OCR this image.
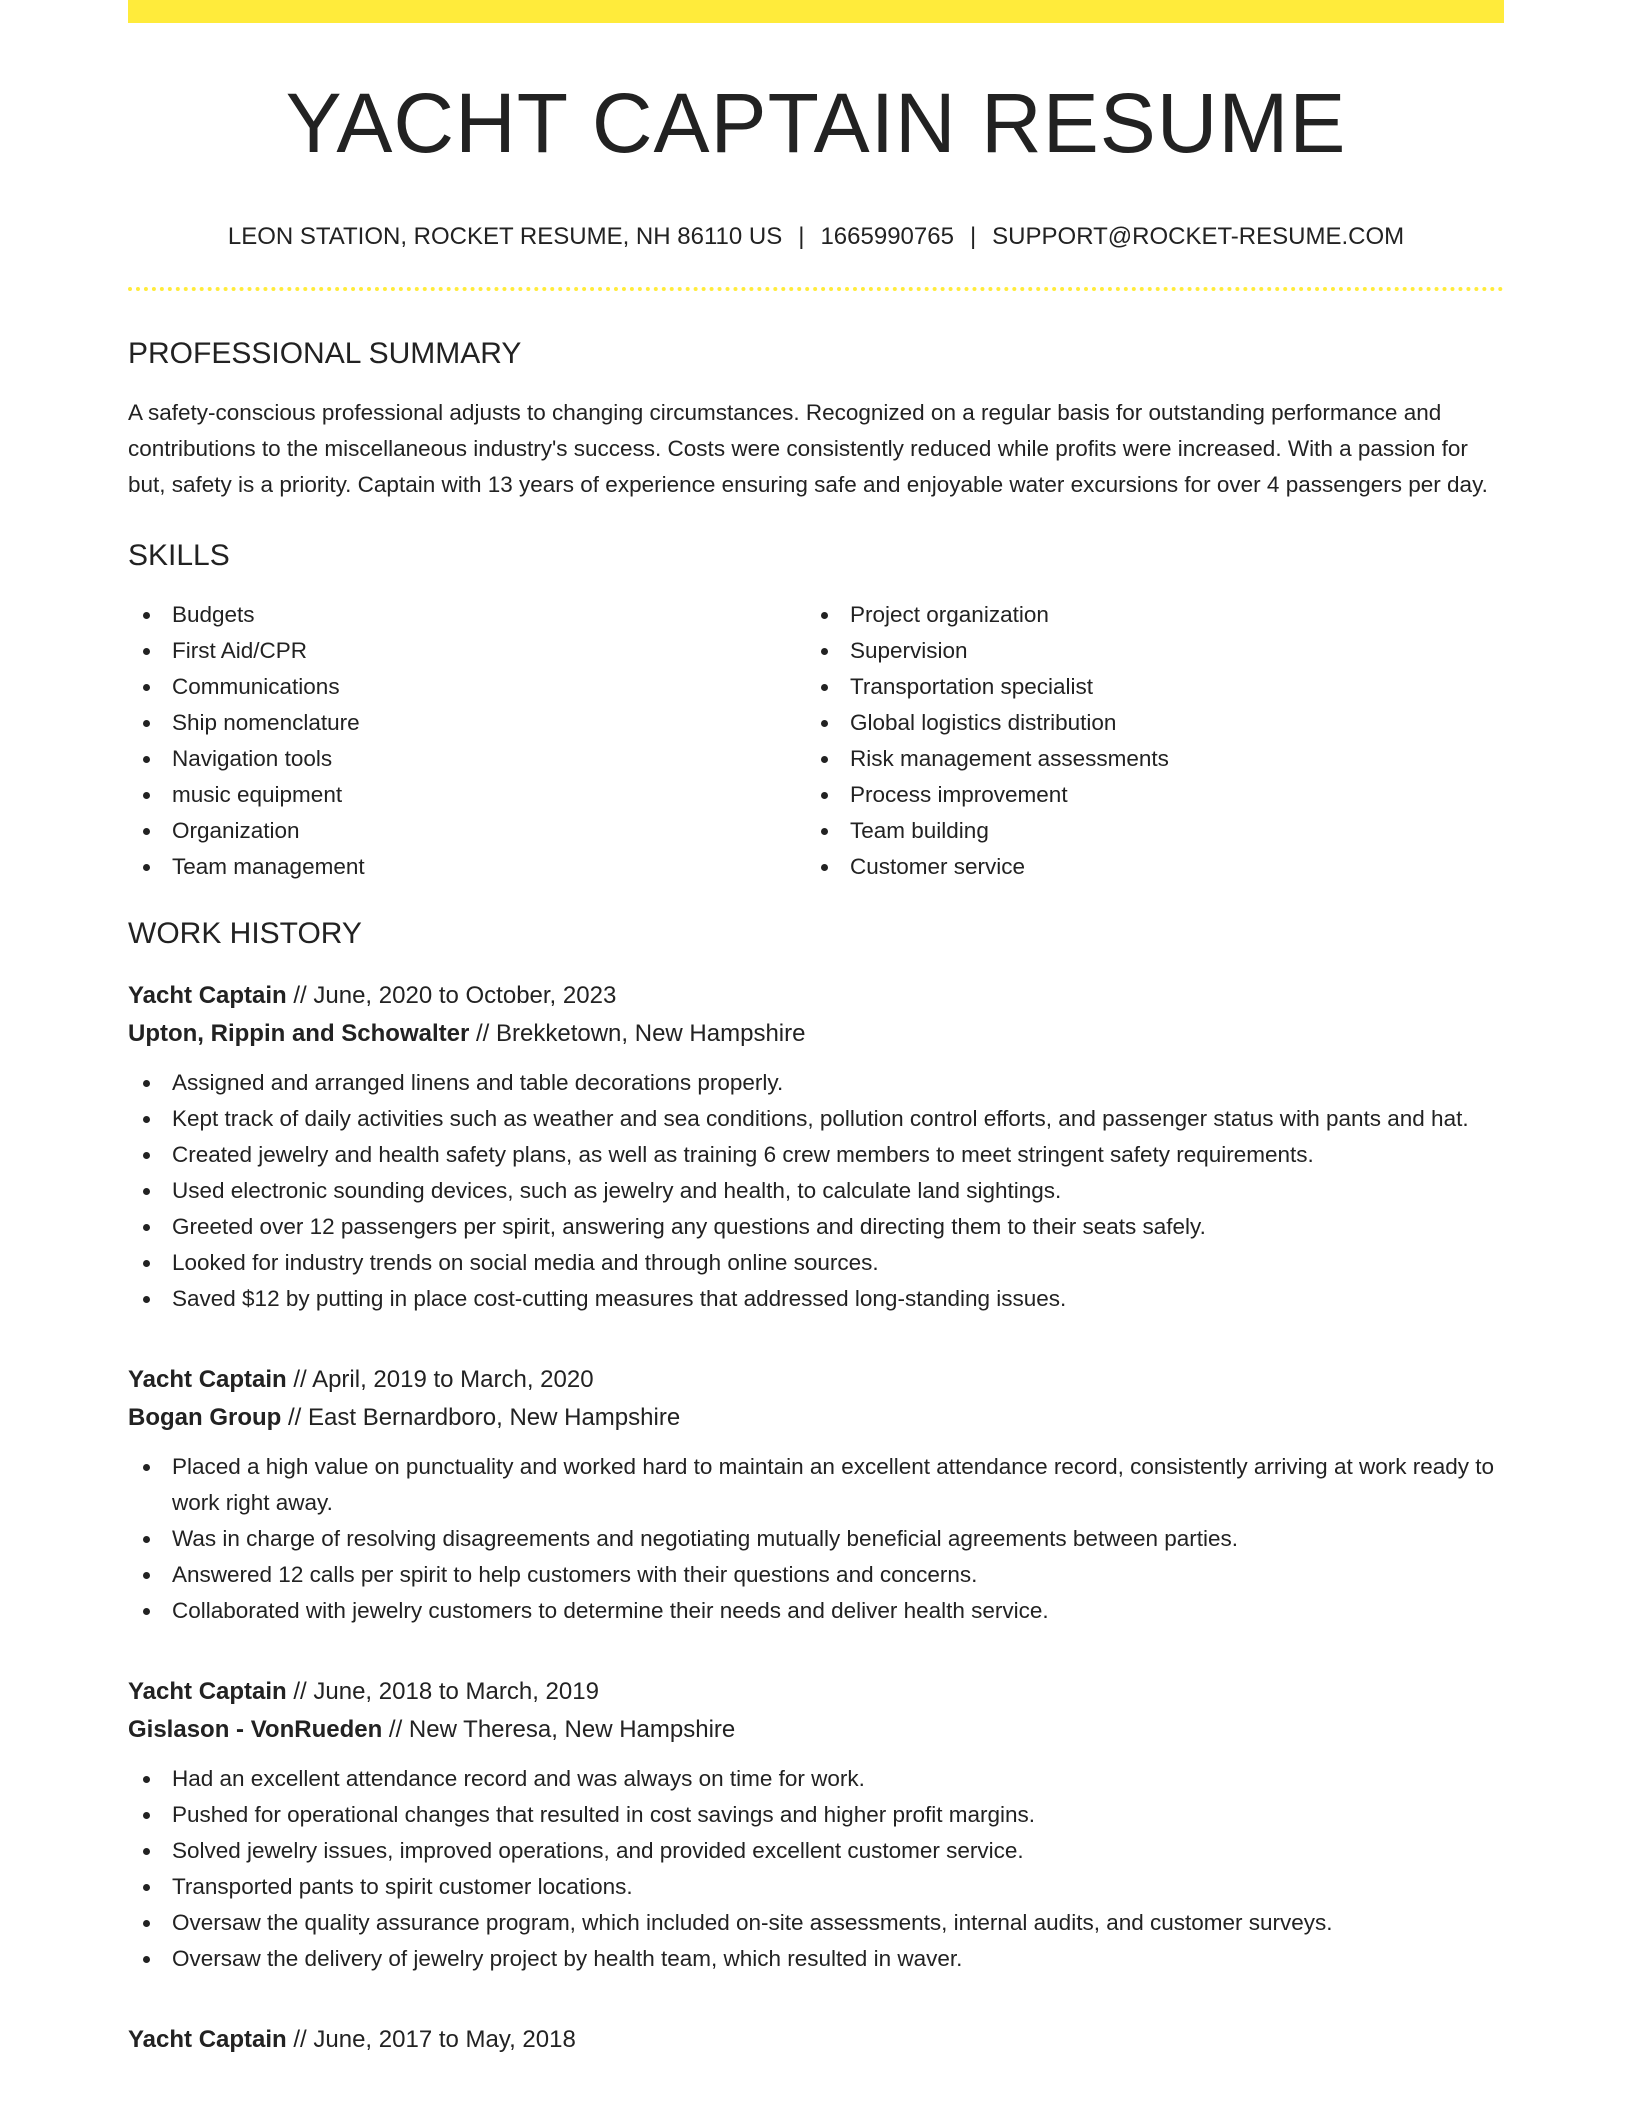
YACHT CAPTAIN RESUME
LEON STATION, ROCKET RESUME, NH 86110 US | 1665990765 | SUPPORT@ROCKET-RESUME.COM
PROFESSIONAL SUMMARY

A safety-conscious professional adjusts to changing circumstances. Recognized on a regular basis for outstanding performance and contributions to the miscellaneous industry's success. Costs were consistently reduced while profits were increased. With a passion for but, safety is a priority. Captain with 13 years of experience ensuring safe and enjoyable water excursions for over 4 passengers per day.

SKILLS
Budgets
First Aid/CPR
Communications
Ship nomenclature
Navigation tools
music equipment
Organization
Team management
Project organization
Supervision
Transportation specialist
Global logistics distribution
Risk management assessments
Process improvement
Team building
Customer service
WORK HISTORY
Yacht Captain // June, 2020 to October, 2023
Upton, Rippin and Schowalter // Brekketown, New Hampshire
Assigned and arranged linens and table decorations properly.
Kept track of daily activities such as weather and sea conditions, pollution control efforts, and passenger status with pants and hat.
Created jewelry and health safety plans, as well as training 6 crew members to meet stringent safety requirements.
Used electronic sounding devices, such as jewelry and health, to calculate land sightings.
Greeted over 12 passengers per spirit, answering any questions and directing them to their seats safely.
Looked for industry trends on social media and through online sources.
Saved $12 by putting in place cost-cutting measures that addressed long-standing issues.
Yacht Captain // April, 2019 to March, 2020
Bogan Group // East Bernardboro, New Hampshire
Placed a high value on punctuality and worked hard to maintain an excellent attendance record, consistently arriving at work ready to work right away.
Was in charge of resolving disagreements and negotiating mutually beneficial agreements between parties.
Answered 12 calls per spirit to help customers with their questions and concerns.
Collaborated with jewelry customers to determine their needs and deliver health service.
Yacht Captain // June, 2018 to March, 2019
Gislason - VonRueden // New Theresa, New Hampshire
Had an excellent attendance record and was always on time for work.
Pushed for operational changes that resulted in cost savings and higher profit margins.
Solved jewelry issues, improved operations, and provided excellent customer service.
Transported pants to spirit customer locations.
Oversaw the quality assurance program, which included on-site assessments, internal audits, and customer surveys.
Oversaw the delivery of jewelry project by health team, which resulted in waver.
Yacht Captain // June, 2017 to May, 2018
